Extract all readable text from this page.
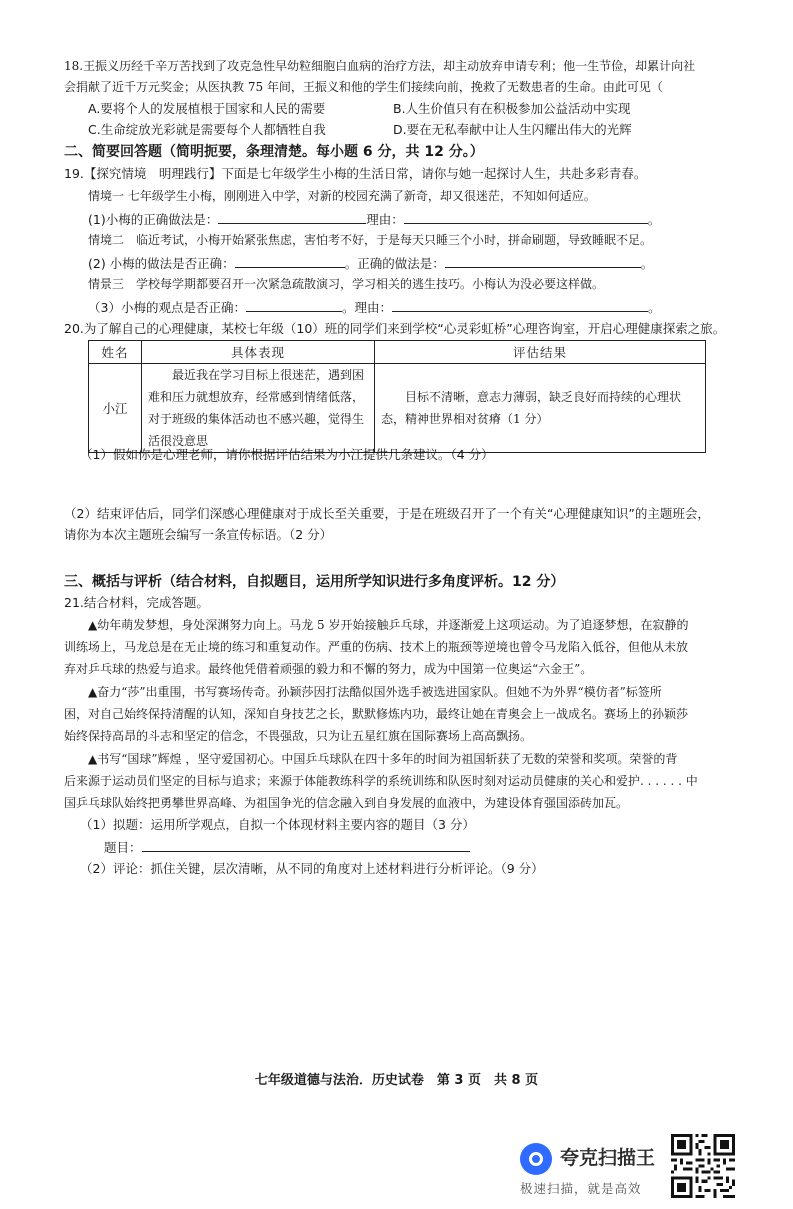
18.王振义历经千辛万苦找到了攻克急性早幼粒细胞白血病的治疗方法，却主动放弃申请专利；他一生节俭，却累计向社
会捐献了近千万元奖金；从医执教 75 年间，王振义和他的学生们接续向前，挽救了无数患者的生命。由此可见（
A.要将个人的发展植根于国家和人民的需要	B.人生价值只有在积极参加公益活动中实现
C.生命绽放光彩就是需要每个人都牺牲自我	D.要在无私奉献中让人生闪耀出伟大的光辉
二、简要回答题（简明扼要，条理清楚。每小题 6 分，共 12 分。）
19.【探究情境　明理践行】下面是七年级学生小梅的生活日常，请你与她一起探讨人生，共赴多彩青春。
情境一 七年级学生小梅，刚刚进入中学，对新的校园充满了新奇，却又很迷茫，不知如何适应。
(1)小梅的正确做法是：	理由：	。
情境二　临近考试，小梅开始紧张焦虑，害怕考不好，于是每天只睡三个小时，拼命刷题，导致睡眠不足。
(2) 小梅的做法是否正确：	。正确的做法是：	。
情景三　学校每学期都要召开一次紧急疏散演习，学习相关的逃生技巧。小梅认为没必要这样做。
（3）小梅的观点是否正确：	。理由：	。
20.为了解自己的心理健康，某校七年级（10）班的同学们来到学校“心灵彩虹桥”心理咨询室，开启心理健康探索之旅。
姓名	具体表现	评估结果
小江	最近我在学习目标上很迷茫，遇到困难和压力就想放弃，经常感到情绪低落，对于班级的集体活动也不感兴趣，觉得生活很没意思	目标不清晰，意志力薄弱，缺乏良好而持续的心理状态，精神世界相对贫瘠（1 分）
（1）假如你是心理老师，请你根据评估结果为小江提供几条建议。（4 分）
（2）结束评估后，同学们深感心理健康对于成长至关重要，于是在班级召开了一个有关“心理健康知识”的主题班会，
请你为本次主题班会编写一条宣传标语。（2 分）
三、概括与评析（结合材料，自拟题目，运用所学知识进行多角度评析。12 分）
21.结合材料，完成答题。
▲幼年萌发梦想，身处深渊努力向上。马龙 5 岁开始接触乒乓球，并逐渐爱上这项运动。为了追逐梦想，在寂静的
训练场上，马龙总是在无止境的练习和重复动作。严重的伤病、技术上的瓶颈等逆境也曾令马龙陷入低谷，但他从未放
弃对乒乓球的热爱与追求。最终他凭借着顽强的毅力和不懈的努力，成为中国第一位奥运“六金王”。
▲奋力“莎”出重围，书写赛场传奇。孙颖莎因打法酷似国外选手被选进国家队。但她不为外界“模仿者”标签所
困，对自己始终保持清醒的认知，深知自身技艺之长，默默修炼内功，最终让她在青奥会上一战成名。赛场上的孙颖莎
始终保持高昂的斗志和坚定的信念，不畏强敌，只为让五星红旗在国际赛场上高高飘扬。
▲书写“国球”辉煌 ，坚守爱国初心。中国乒乓球队在四十多年的时间为祖国斩获了无数的荣誉和奖项。荣誉的背
后来源于运动员们坚定的目标与追求；来源于体能教练科学的系统训练和队医时刻对运动员健康的关心和爱护. . . . . . 中
国乒乓球队始终把勇攀世界高峰、为祖国争光的信念融入到自身发展的血液中，为建设体育强国添砖加瓦。
（1）拟题：运用所学观点，自拟一个体现材料主要内容的题目（3 分）
题目：
（2）评论：抓住关键，层次清晰，从不同的角度对上述材料进行分析评论。（9 分）
七年级道德与法治．历史试卷　第 3 页　共 8 页
夸克扫描王
极速扫描，就是高效
